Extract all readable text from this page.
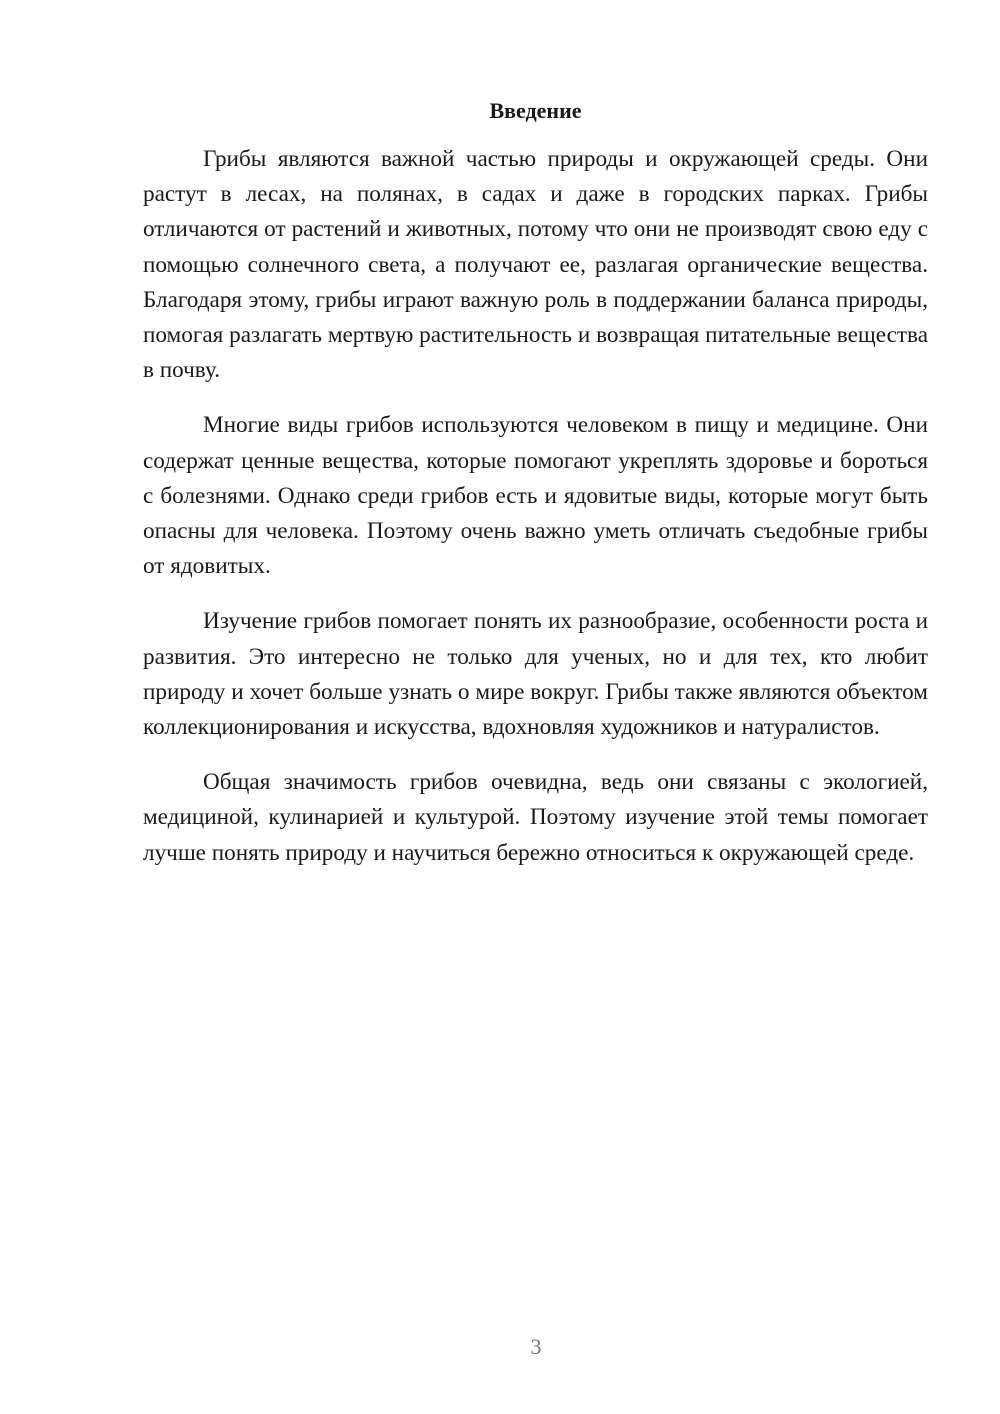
Введение

Грибы являются важной частью природы и окружающей среды. Они растут в лесах, на полянах, в садах и даже в городских парках. Грибы отличаются от растений и животных, потому что они не производят свою еду с помощью солнечного света, а получают ее, разлагая органические вещества. Благодаря этому, грибы играют важную роль в поддержании баланса природы, помогая разлагать мертвую растительность и возвращая питательные вещества в почву.

Многие виды грибов используются человеком в пищу и медицине. Они содержат ценные вещества, которые помогают укреплять здоровье и бороться с болезнями. Однако среди грибов есть и ядовитые виды, которые могут быть опасны для человека. Поэтому очень важно уметь отличать съедобные грибы от ядовитых.

Изучение грибов помогает понять их разнообразие, особенности роста и развития. Это интересно не только для ученых, но и для тех, кто любит природу и хочет больше узнать о мире вокруг. Грибы также являются объектом коллекционирования и искусства, вдохновляя художников и натуралистов.

Общая значимость грибов очевидна, ведь они связаны с экологией, медициной, кулинарией и культурой. Поэтому изучение этой темы помогает лучше понять природу и научиться бережно относиться к окружающей среде.

3
